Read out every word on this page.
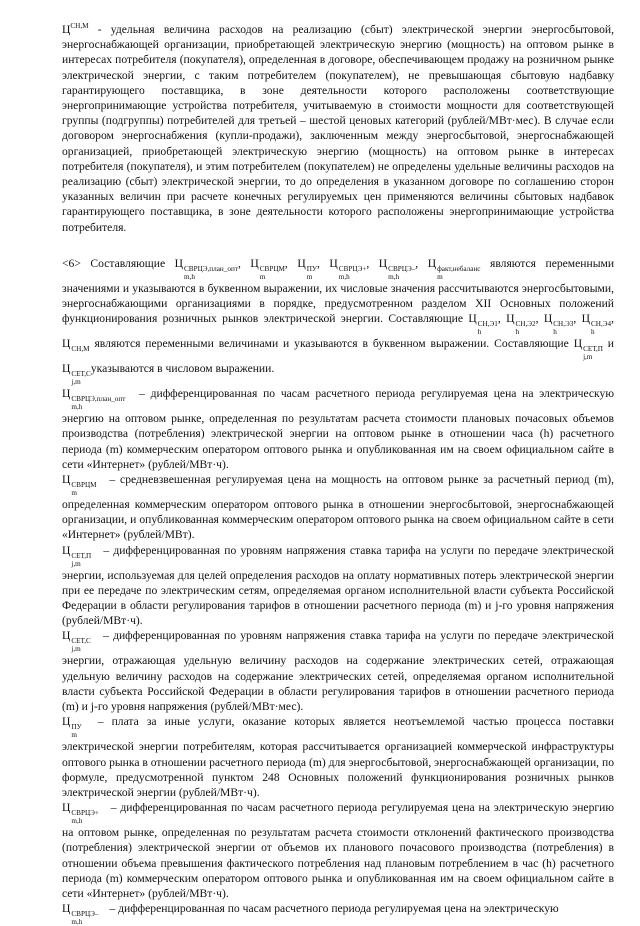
$Ц^{СН,М}$ - удельная величина расходов на реализацию (сбыт) электрической энергии энергосбытовой, энергоснабжающей организации, приобретающей электрическую энергию (мощность) на оптовом рынке в интересах потребителя (покупателя), определенная в договоре, обеспечивающем продажу на розничном рынке электрической энергии, с таким потребителем (покупателем), не превышающая сбытовую надбавку гарантирующего поставщика, в зоне деятельности которого расположены соответствующие энергопринимающие устройства потребителя, учитываемую в стоимости мощности для соответствующей группы (подгруппы) потребителей для третьей – шестой ценовых категорий (рублей/МВт·мес). В случае если договором энергоснабжения (купли-продажи), заключенным между энергосбытовой, энергоснабжающей организацией, приобретающей электрическую энергию (мощность) на оптовом рынке в интересах потребителя (покупателя), и этим потребителем (покупателем) не определены удельные величины расходов на реализацию (сбыт) электрической энергии, то до определения в указанном договоре по соглашению сторон указанных величин при расчете конечных регулируемых цен применяются величины сбытовых надбавок гарантирующего поставщика, в зоне деятельности которого расположены энергопринимающие устройства потребителя.

<6> Составляющие Ц СВРЦЭ,план_опт
m,h
, Ц СВРЦМ
m
, Ц ПУ
m
, Ц СВРЦЭ+
m,h
, Ц СВРЦЭ–
m,h
, Ц факт,небаланс
m
являются переменными значениями и указываются в буквенном выражении, их числовые значения рассчитываются энергосбытовыми, энергоснабжающими организациями в порядке, предусмотренном разделом XII Основных положений функционирования розничных рынков электрической энергии. Составляющие Ц СН,Э1
h
, Ц СН,Э2
h
, Ц СН,Э3
h
, Ц СН,Э4
h
, Ц СН,М являются переменными величинами и указываются в буквенном выражении. Составляющие Ц СЕТ,П
j,m
и Ц СЕТ,С
j,m
указываются в числовом выражении.

Ц СВРЦЭ,план_опт
m,h
– дифференцированная по часам расчетного периода регулируемая цена на электрическую энергию на оптовом рынке, определенная по результатам расчета стоимости плановых почасовых объемов производства (потребления) электрической энергии на оптовом рынке в отношении часа (h) расчетного периода (m) коммерческим оператором оптового рынка и опубликованная им на своем официальном сайте в сети «Интернет» (рублей/МВт·ч).

Ц СВРЦМ
m
– средневзвешенная регулируемая цена на мощность на оптовом рынке за расчетный период (m), определенная коммерческим оператором оптового рынка в отношении энергосбытовой, энергоснабжающей организации, и опубликованная коммерческим оператором оптового рынка на своем официальном сайте в сети «Интернет» (рублей/МВт).

Ц СЕТ,П
j,m
– дифференцированная по уровням напряжения ставка тарифа на услуги по передаче электрической энергии, используемая для целей определения расходов на оплату нормативных потерь электрической энергии при ее передаче по электрическим сетям, определяемая органом исполнительной власти субъекта Российской Федерации в области регулирования тарифов в отношении расчетного периода (m) и j-го уровня напряжения (рублей/МВт·ч).

Ц СЕТ,С
j,m
– дифференцированная по уровням напряжения ставка тарифа на услуги по передаче электрической энергии, отражающая удельную величину расходов на содержание электрических сетей, отражающая удельную величину расходов на содержание электрических сетей, определяемая органом исполнительной власти субъекта Российской Федерации в области регулирования тарифов в отношении расчетного периода (m) и j-го уровня напряжения (рублей/МВт·мес).

Ц ПУ
m
– плата за иные услуги, оказание которых является неотъемлемой частью процесса поставки электрической энергии потребителям, которая рассчитывается организацией коммерческой инфраструктуры оптового рынка в отношении расчетного периода (m) для энергосбытовой, энергоснабжающей организации, по формуле, предусмотренной пунктом 248 Основных положений функционирования розничных рынков электрической энергии (рублей/МВт·ч).

Ц СВРЦЭ+
m,h
– дифференцированная по часам расчетного периода регулируемая цена на электрическую энергию на оптовом рынке, определенная по результатам расчета стоимости отклонений фактического производства (потребления) электрической энергии от объемов их планового почасового производства (потребления) в отношении объема превышения фактического потребления над плановым потреблением в час (h) расчетного периода (m) коммерческим оператором оптового рынка и опубликованная им на своем официальном сайте в сети «Интернет» (рублей/МВт·ч).

Ц СВРЦЭ–
m,h
– дифференцированная по часам расчетного периода регулируемая цена на электрическую
